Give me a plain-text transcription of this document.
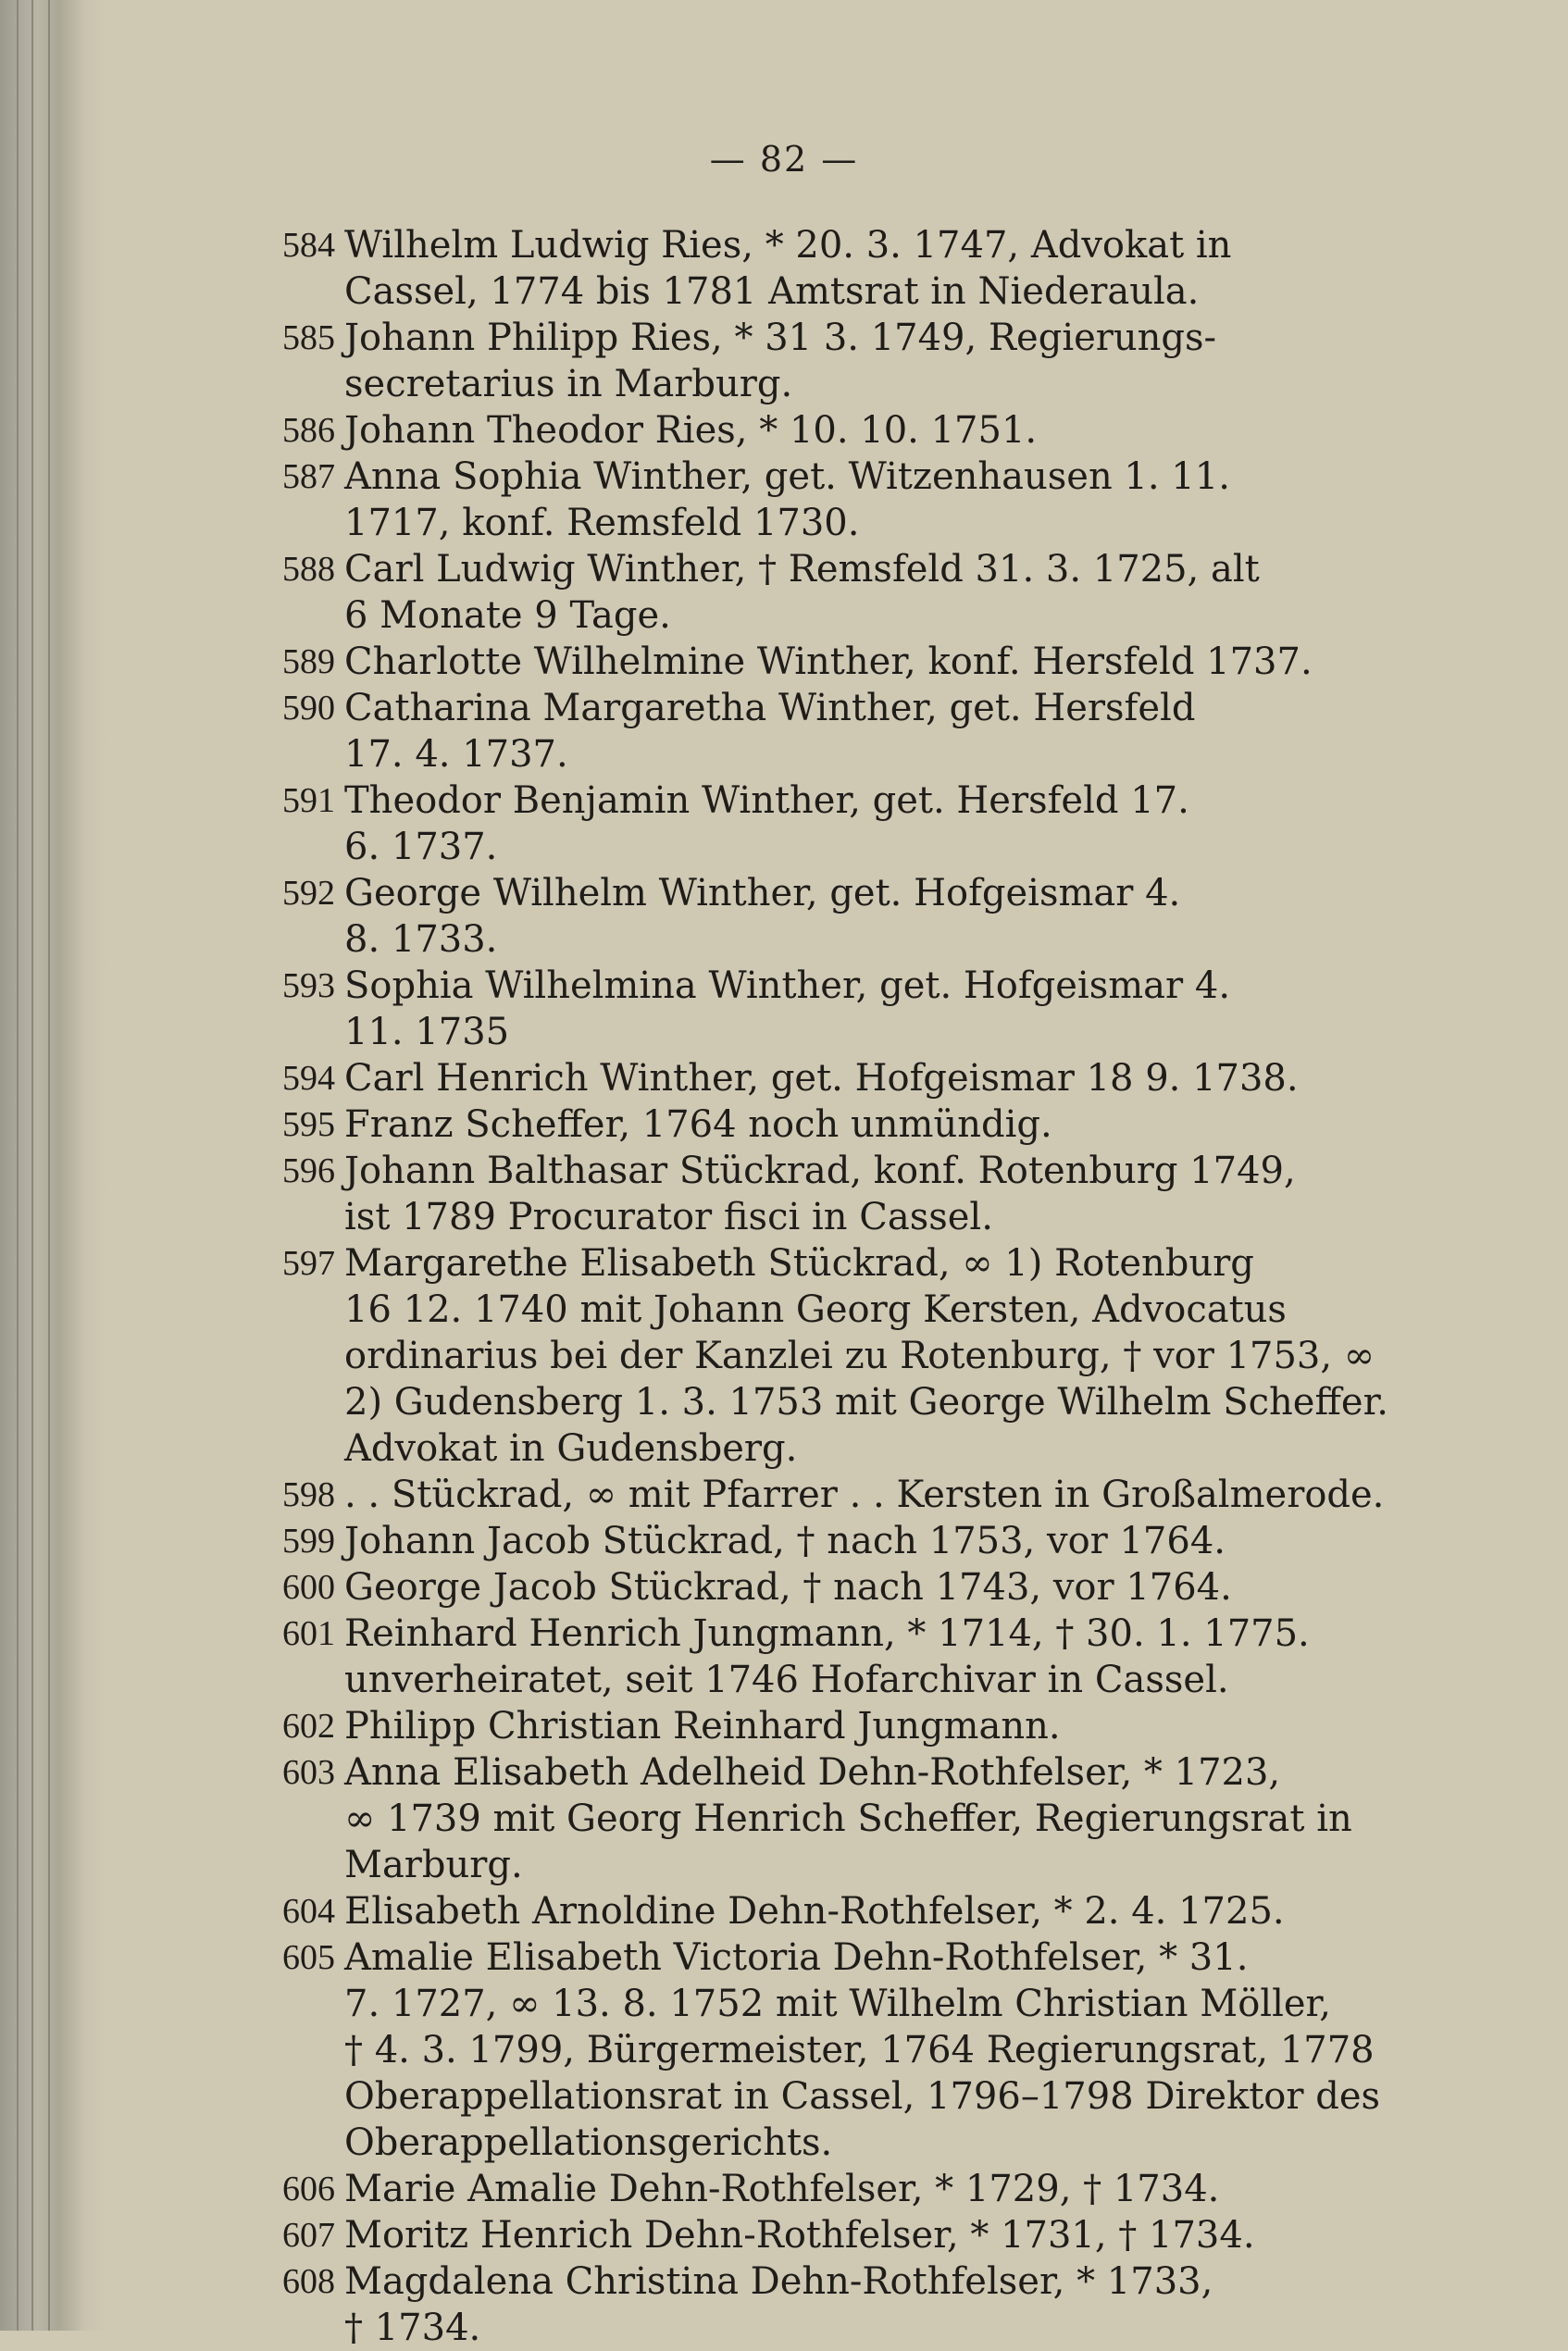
— 82 —
584 Wilhelm Ludwig Ries, * 20. 3. 1747, Advokat in
Cassel, 1774 bis 1781 Amtsrat in Niederaula.
585 Johann Philipp Ries, * 31 3. 1749, Regierungs-
secretarius in Marburg.
586 Johann Theodor Ries, * 10. 10. 1751.
587 Anna Sophia Winther, get. Witzenhausen 1. 11.
1717, konf. Remsfeld 1730.
588 Carl Ludwig Winther, † Remsfeld 31. 3. 1725, alt
6 Monate 9 Tage.
589 Charlotte Wilhelmine Winther, konf. Hersfeld 1737.
590 Catharina Margaretha Winther, get. Hersfeld
17. 4. 1737.
591 Theodor Benjamin Winther, get. Hersfeld 17.
6. 1737.
592 George Wilhelm Winther, get. Hofgeismar 4.
8. 1733.
593 Sophia Wilhelmina Winther, get. Hofgeismar 4.
11. 1735
594 Carl Henrich Winther, get. Hofgeismar 18 9. 1738.
595 Franz Scheffer, 1764 noch unmündig.
596 Johann Balthasar Stückrad, konf. Rotenburg 1749,
ist 1789 Procurator fisci in Cassel.
597 Margarethe Elisabeth Stückrad, ∞ 1) Rotenburg
16 12. 1740 mit Johann Georg Kersten, Advocatus
ordinarius bei der Kanzlei zu Rotenburg, † vor 1753, ∞
2) Gudensberg 1. 3. 1753 mit George Wilhelm Scheffer.
Advokat in Gudensberg.
598 . . Stückrad, ∞ mit Pfarrer . . Kersten in Großalmerode.
599 Johann Jacob Stückrad, † nach 1753, vor 1764.
600 George Jacob Stückrad, † nach 1743, vor 1764.
601 Reinhard Henrich Jungmann, * 1714, † 30. 1. 1775.
unverheiratet, seit 1746 Hofarchivar in Cassel.
602 Philipp Christian Reinhard Jungmann.
603 Anna Elisabeth Adelheid Dehn-Rothfelser, * 1723,
∞ 1739 mit Georg Henrich Scheffer, Regierungsrat in
Marburg.
604 Elisabeth Arnoldine Dehn-Rothfelser, * 2. 4. 1725.
605 Amalie Elisabeth Victoria Dehn-Rothfelser, * 31.
7. 1727, ∞ 13. 8. 1752 mit Wilhelm Christian Möller,
† 4. 3. 1799, Bürgermeister, 1764 Regierungsrat, 1778
Oberappellationsrat in Cassel, 1796–1798 Direktor des
Oberappellationsgerichts.
606 Marie Amalie Dehn-Rothfelser, * 1729, † 1734.
607 Moritz Henrich Dehn-Rothfelser, * 1731, † 1734.
608 Magdalena Christina Dehn-Rothfelser, * 1733,
† 1734.
